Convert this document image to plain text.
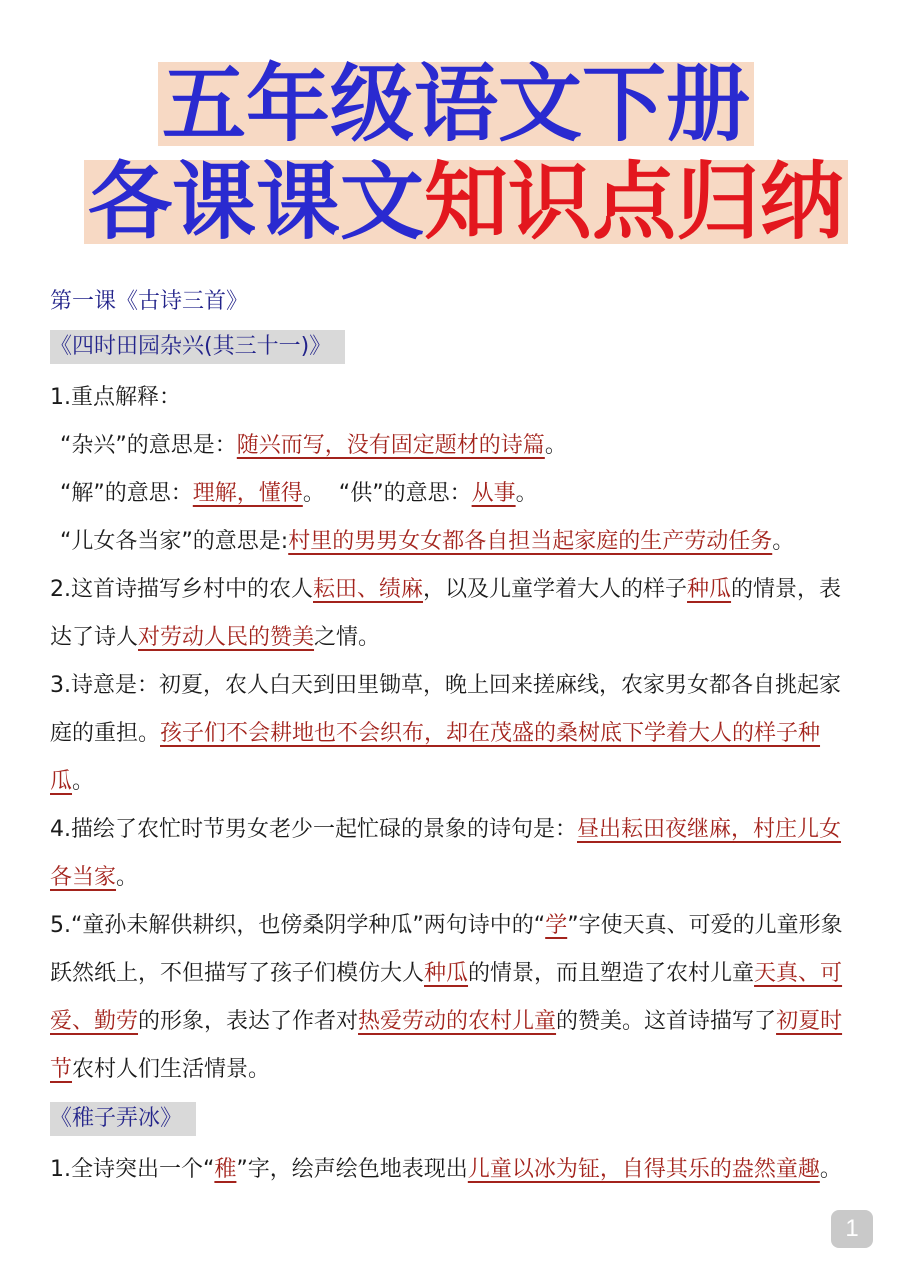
五年级语文下册
各课课文知识点归纳
第一课《古诗三首》
《四时田园杂兴(其三十一)》
1.重点解释：
“杂兴”的意思是：随兴而写，没有固定题材的诗篇。
“解”的意思：理解，懂得。  “供”的意思：从事。
“儿女各当家”的意思是:村里的男男女女都各自担当起家庭的生产劳动任务。
2.这首诗描写乡村中的农人耘田、绩麻，以及儿童学着大人的样子种瓜的情景，表达了诗人对劳动人民的赞美之情。
3.诗意是：初夏，农人白天到田里锄草，晚上回来搓麻线，农家男女都各自挑起家庭的重担。孩子们不会耕地也不会织布，却在茂盛的桑树底下学着大人的样子种瓜。
4.描绘了农忙时节男女老少一起忙碌的景象的诗句是：昼出耘田夜继麻，村庄儿女各当家。
5.“童孙未解供耕织，也傍桑阴学种瓜”两句诗中的“学”字使天真、可爱的儿童形象跃然纸上，不但描写了孩子们模仿大人种瓜的情景，而且塑造了农村儿童天真、可爱、勤劳的形象，表达了作者对热爱劳动的农村儿童的赞美。这首诗描写了初夏时节农村人们生活情景。
《稚子弄冰》
1.全诗突出一个“稚”字，绘声绘色地表现出儿童以冰为钲，自得其乐的盎然童趣。
1
